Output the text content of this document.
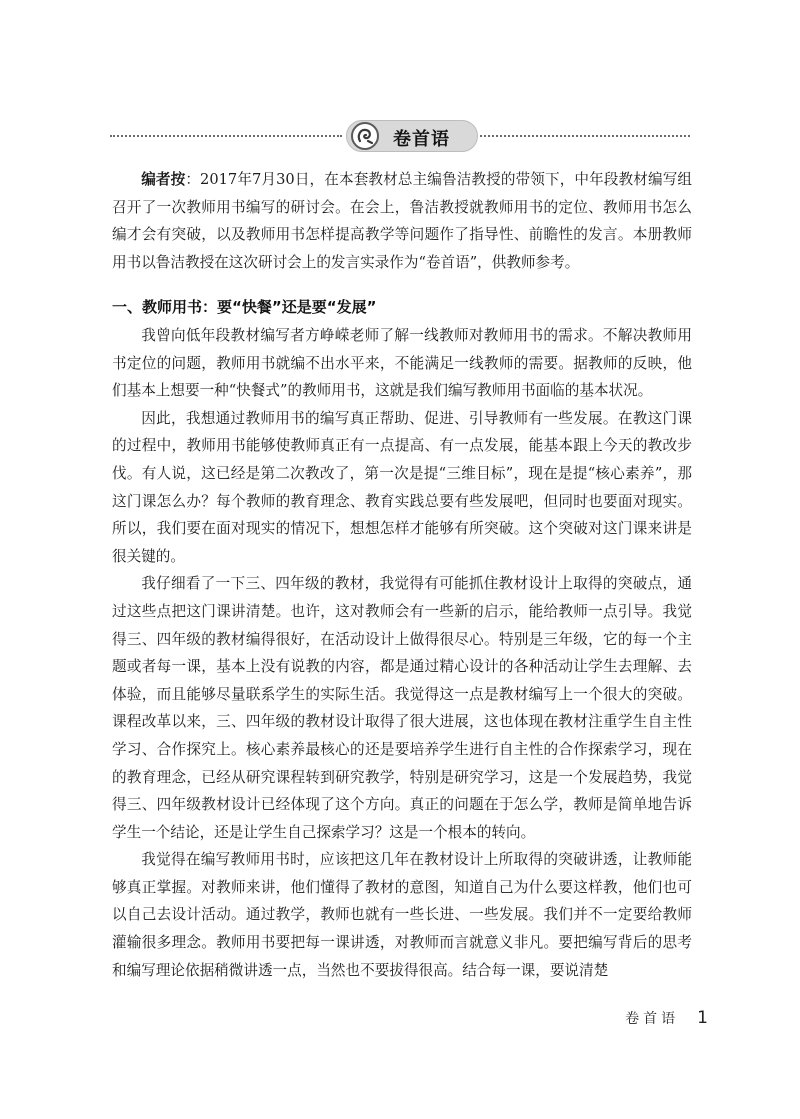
卷首语
编者按：2017年7月30日，在本套教材总主编鲁洁教授的带领下，中年段教材编写组召开了一次教师用书编写的研讨会。在会上，鲁洁教授就教师用书的定位、教师用书怎么编才会有突破，以及教师用书怎样提高教学等问题作了指导性、前瞻性的发言。本册教师用书以鲁洁教授在这次研讨会上的发言实录作为“卷首语”，供教师参考。
一、教师用书：要“快餐”还是要“发展”

我曾向低年段教材编写者方峥嵘老师了解一线教师对教师用书的需求。不解决教师用书定位的问题，教师用书就编不出水平来，不能满足一线教师的需要。据教师的反映，他们基本上想要一种“快餐式”的教师用书，这就是我们编写教师用书面临的基本状况。

因此，我想通过教师用书的编写真正帮助、促进、引导教师有一些发展。在教这门课的过程中，教师用书能够使教师真正有一点提高、有一点发展，能基本跟上今天的教改步伐。有人说，这已经是第二次教改了，第一次是提“三维目标”，现在是提“核心素养”，那这门课怎么办？每个教师的教育理念、教育实践总要有些发展吧，但同时也要面对现实。所以，我们要在面对现实的情况下，想想怎样才能够有所突破。这个突破对这门课来讲是很关键的。

我仔细看了一下三、四年级的教材，我觉得有可能抓住教材设计上取得的突破点，通过这些点把这门课讲清楚。也许，这对教师会有一些新的启示，能给教师一点引导。我觉得三、四年级的教材编得很好，在活动设计上做得很尽心。特别是三年级，它的每一个主题或者每一课，基本上没有说教的内容，都是通过精心设计的各种活动让学生去理解、去体验，而且能够尽量联系学生的实际生活。我觉得这一点是教材编写上一个很大的突破。课程改革以来，三、四年级的教材设计取得了很大进展，这也体现在教材注重学生自主性学习、合作探究上。核心素养最核心的还是要培养学生进行自主性的合作探索学习，现在的教育理念，已经从研究课程转到研究教学，特别是研究学习，这是一个发展趋势，我觉得三、四年级教材设计已经体现了这个方向。真正的问题在于怎么学，教师是简单地告诉学生一个结论，还是让学生自己探索学习？这是一个根本的转向。

我觉得在编写教师用书时，应该把这几年在教材设计上所取得的突破讲透，让教师能够真正掌握。对教师来讲，他们懂得了教材的意图，知道自己为什么要这样教，他们也可以自己去设计活动。通过教学，教师也就有一些长进、一些发展。我们并不一定要给教师灌输很多理念。教师用书要把每一课讲透，对教师而言就意义非凡。要把编写背后的思考和编写理论依据稍微讲透一点，当然也不要拔得很高。结合每一课，要说清楚

卷首语 1
